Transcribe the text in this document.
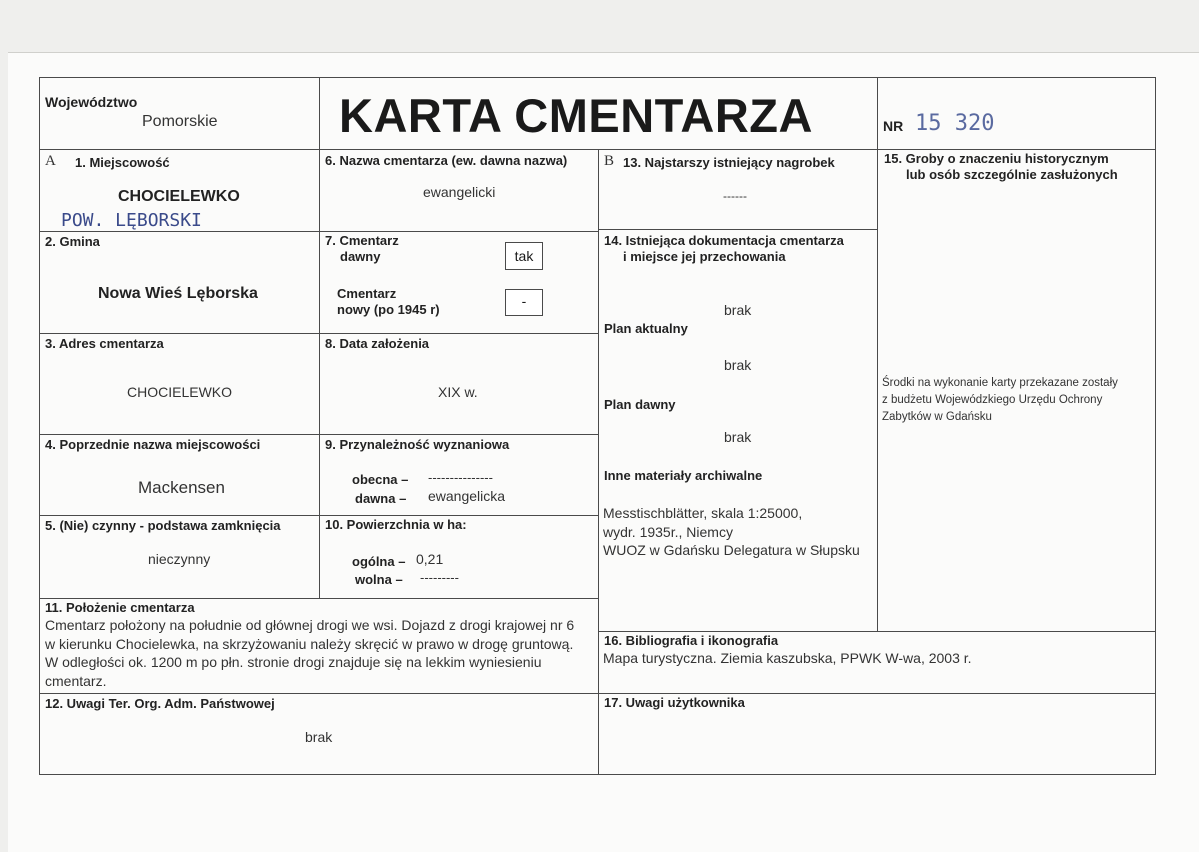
Województwo
Pomorskie	KARTA CMENTARZA	NR 15 320
A 1. Miejscowość
CHOCIELEWKO
POW. LĘBORSKI
2. Gmina
Nowa Wieś Lęborska
3. Adres cmentarza
CHOCIELEWKO
4. Poprzednie nazwa miejscowości
Mackensen
5. (Nie) czynny - podstawa zamknięcia
nieczynny
6. Nazwa cmentarza (ew. dawna nazwa)
ewangelicki
7. Cmentarz
dawny	tak
Cmentarz
nowy (po 1945 r)
-
8. Data założenia
XIX w.
9. Przynależność wyznaniowa
obecna – ---------------
dawna – ewangelicka
10. Powierzchnia w ha:
ogólna – 0,21
wolna – ---------
11. Położenie cmentarza
Cmentarz położony na południe od głównej drogi we wsi. Dojazd z drogi krajowej nr 6
w kierunku Chocielewka, na skrzyżowaniu należy skręcić w prawo w drogę gruntową.
W odległości ok. 1200 m po płn. stronie drogi znajduje się na lekkim wyniesieniu
cmentarz.
12. Uwagi Ter. Org. Adm. Państwowej
brak
B 13. Najstarszy istniejący nagrobek
------
14. Istniejąca dokumentacja cmentarza
i miejsce jej przechowania
brak
Plan aktualny
brak
Plan dawny
brak
Inne materiały archiwalne
Messtischblätter, skala 1:25000,
wydr. 1935r., Niemcy
WUOZ w Gdańsku Delegatura w Słupsku
15. Groby o znaczeniu historycznym
lub osób szczególnie zasłużonych
Środki na wykonanie karty przekazane zostały
z budżetu Wojewódzkiego Urzędu Ochrony
Zabytków w Gdańsku
16. Bibliografia i ikonografia
Mapa turystyczna. Ziemia kaszubska, PPWK W-wa, 2003 r.
17. Uwagi użytkownika
